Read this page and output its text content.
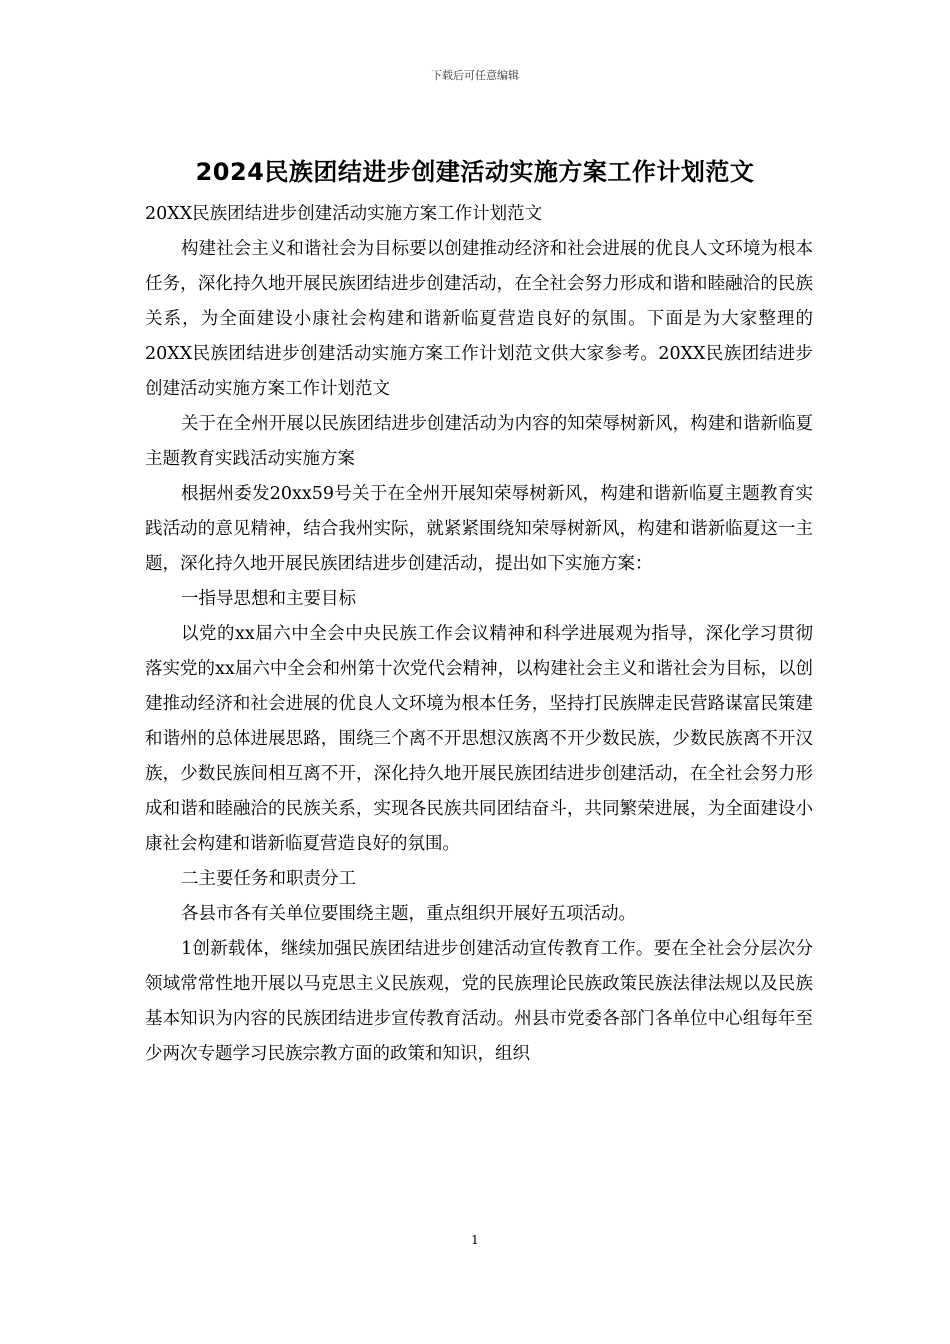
下载后可任意编辑
2024民族团结进步创建活动实施方案工作计划范文

20XX民族团结进步创建活动实施方案工作计划范文

构建社会主义和谐社会为目标要以创建推动经济和社会进展的优良人文环境为根本任务，深化持久地开展民族团结进步创建活动，在全社会努力形成和谐和睦融洽的民族关系，为全面建设小康社会构建和谐新临夏营造良好的氛围。下面是为大家整理的20XX民族团结进步创建活动实施方案工作计划范文供大家参考。20XX民族团结进步创建活动实施方案工作计划范文

关于在全州开展以民族团结进步创建活动为内容的知荣辱树新风，构建和谐新临夏主题教育实践活动实施方案

根据州委发20xx59号关于在全州开展知荣辱树新风，构建和谐新临夏主题教育实践活动的意见精神，结合我州实际，就紧紧围绕知荣辱树新风，构建和谐新临夏这一主题，深化持久地开展民族团结进步创建活动，提出如下实施方案：

一指导思想和主要目标

以党的xx届六中全会中央民族工作会议精神和科学进展观为指导，深化学习贯彻落实党的xx届六中全会和州第十次党代会精神，以构建社会主义和谐社会为目标，以创建推动经济和社会进展的优良人文环境为根本任务，坚持打民族牌走民营路谋富民策建和谐州的总体进展思路，围绕三个离不开思想汉族离不开少数民族，少数民族离不开汉族，少数民族间相互离不开，深化持久地开展民族团结进步创建活动，在全社会努力形成和谐和睦融洽的民族关系，实现各民族共同团结奋斗，共同繁荣进展，为全面建设小康社会构建和谐新临夏营造良好的氛围。

二主要任务和职责分工

各县市各有关单位要围绕主题，重点组织开展好五项活动。

1创新载体，继续加强民族团结进步创建活动宣传教育工作。要在全社会分层次分领域常常性地开展以马克思主义民族观，党的民族理论民族政策民族法律法规以及民族基本知识为内容的民族团结进步宣传教育活动。州县市党委各部门各单位中心组每年至少两次专题学习民族宗教方面的政策和知识，组织

1
